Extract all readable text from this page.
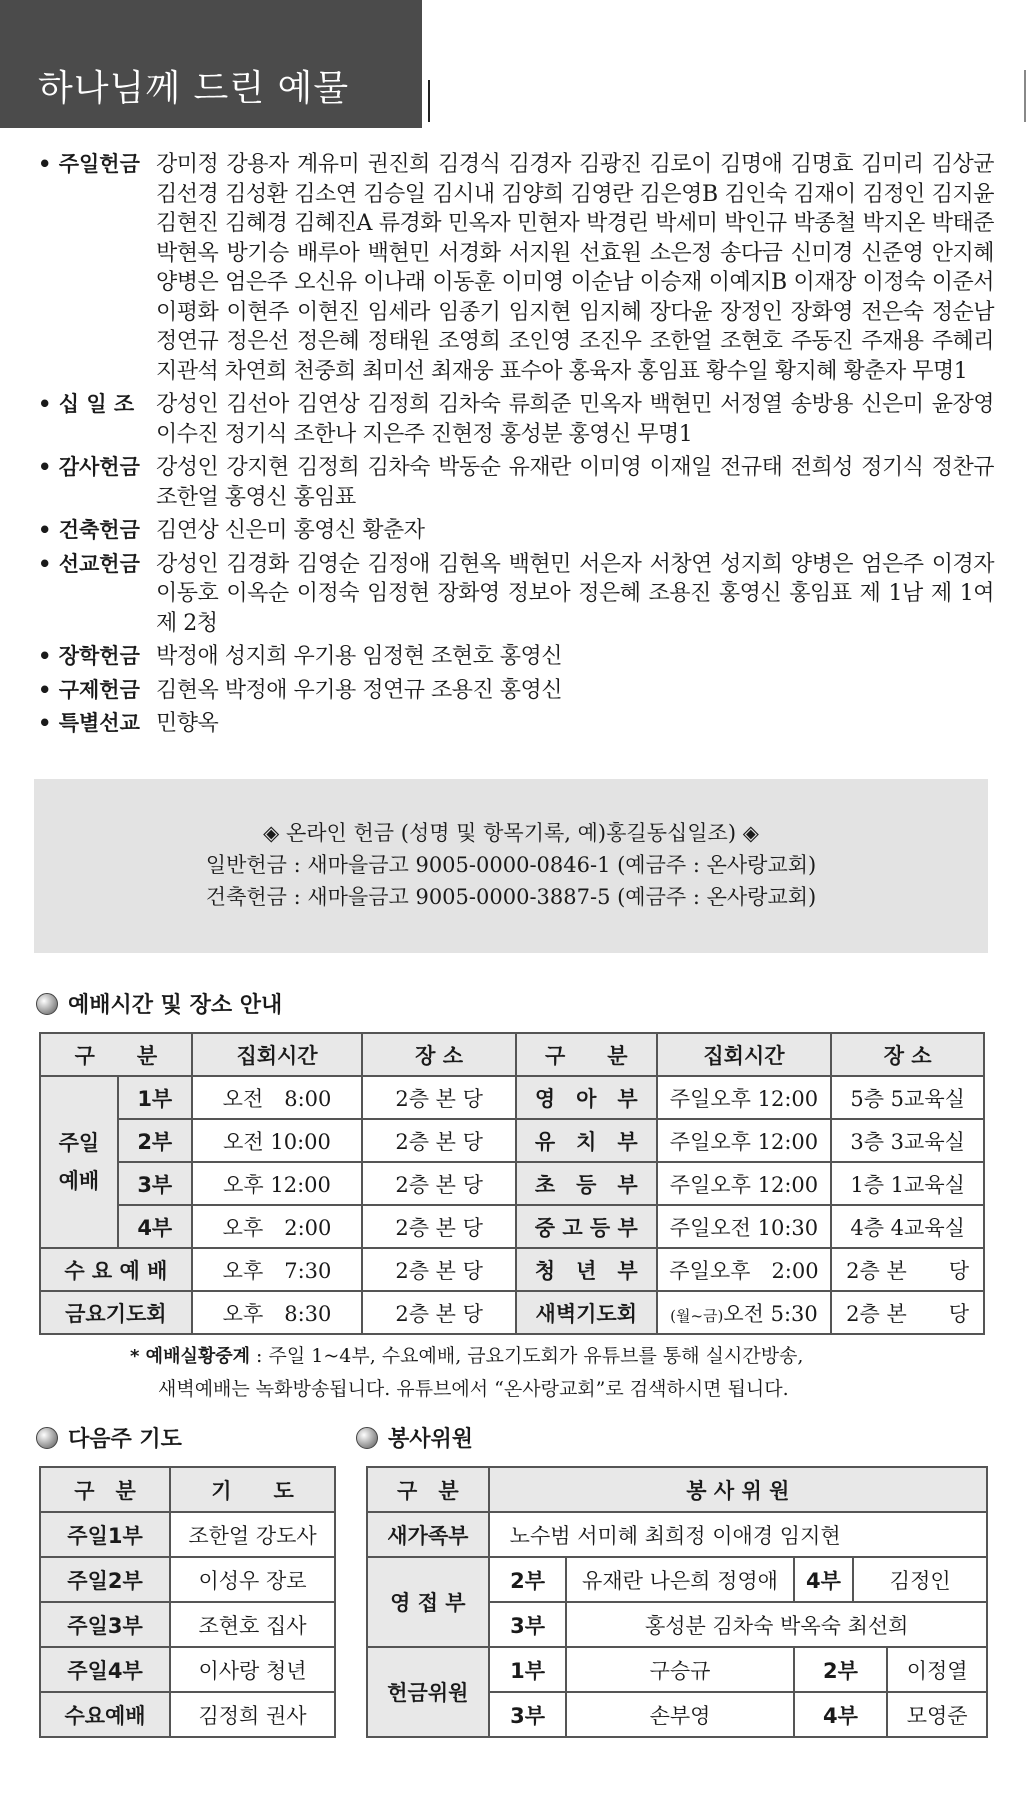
하나님께 드린 예물
• 주일헌금 강미정 강용자 계유미 권진희 김경식 김경자 김광진 김로이 김명애 김명효 김미리 김상균 김선경 김성환 김소연 김승일 김시내 김양희 김영란 김은영B 김인숙 김재이 김정인 김지윤 김현진 김혜경 김혜진A 류경화 민옥자 민현자 박경린 박세미 박인규 박종철 박지온 박태준 박현옥 방기승 배루아 백현민 서경화 서지원 선효원 소은정 송다금 신미경 신준영 안지혜 양병은 엄은주 오신유 이나래 이동훈 이미영 이순남 이승재 이예지B 이재장 이정숙 이준서 이평화 이현주 이현진 임세라 임종기 임지현 임지혜 장다윤 장정인 장화영 전은숙 정순남 정연규 정은선 정은혜 정태원 조영희 조인영 조진우 조한얼 조현호 주동진 주재용 주혜리 지관석 차연희 천중희 최미선 최재웅 표수아 홍육자 홍임표 황수일 황지혜 황춘자 무명1
• 십 일 조 강성인 김선아 김연상 김정희 김차숙 류희준 민옥자 백현민 서정열 송방용 신은미 윤장영 이수진 정기식 조한나 지은주 진현정 홍성분 홍영신 무명1
• 감사헌금 강성인 강지현 김정희 김차숙 박동순 유재란 이미영 이재일 전규태 전희성 정기식 정찬규 조한얼 홍영신 홍임표
• 건축헌금 김연상 신은미 홍영신 황춘자
• 선교헌금 강성인 김경화 김영순 김정애 김현옥 백현민 서은자 서창연 성지희 양병은 엄은주 이경자 이동호 이옥순 이정숙 임정현 장화영 정보아 정은혜 조용진 홍영신 홍임표 제 1남 제 1여 제 2청
• 장학헌금 박정애 성지희 우기용 임정현 조현호 홍영신
• 구제헌금 김현옥 박정애 우기용 정연규 조용진 홍영신
• 특별선교 민향옥
◈ 온라인 헌금 (성명 및 항목기록, 예)홍길동십일조) ◈
일반헌금 : 새마을금고 9005-0000-0846-1 (예금주 : 온사랑교회)
건축헌금 : 새마을금고 9005-0000-3887-5 (예금주 : 온사랑교회)
예배시간 및 장소 안내
구　　분		집회시간	장 소	구　　분	집회시간	장 소
주일
예배	1부	오전　8:00	2층 본 당	영　아　부	주일오후 12:00	5층 5교육실
	2부	오전 10:00	2층 본 당	유　치　부	주일오후 12:00	3층 3교육실
	3부	오후 12:00	2층 본 당	초　등　부	주일오후 12:00	1층 1교육실
	4부	오후　2:00	2층 본 당	중 고 등 부	주일오전 10:30	4층 4교육실
수 요 예 배		오후　7:30	2층 본 당	청　년　부	주일오후　2:00	2층 본　　당
금요기도회		오후　8:30	2층 본 당	새벽기도회	(월~금)오전 5:30	2층 본　　당
* 예배실황중계 : 주일 1~4부, 수요예배, 금요기도회가 유튜브를 통해 실시간방송,
새벽예배는 녹화방송됩니다. 유튜브에서 “온사랑교회”로 검색하시면 됩니다.
다음주 기도	봉사위원
구　분	기　　도
주일1부	조한얼 강도사
주일2부	이성우 장로
주일3부	조현호 집사
주일4부	이사랑 청년
수요예배	김정희 권사
구　분	봉 사 위 원				
새가족부	노수범 서미혜 최희정 이애경 임지현				
영 접 부	2부	유재란 나은희 정영애	4부	김정인	
	3부	홍성분 김차숙 박옥숙 최선희			
헌금위원	1부	구승규	2부		이정열
	3부	손부영	4부		모영준
